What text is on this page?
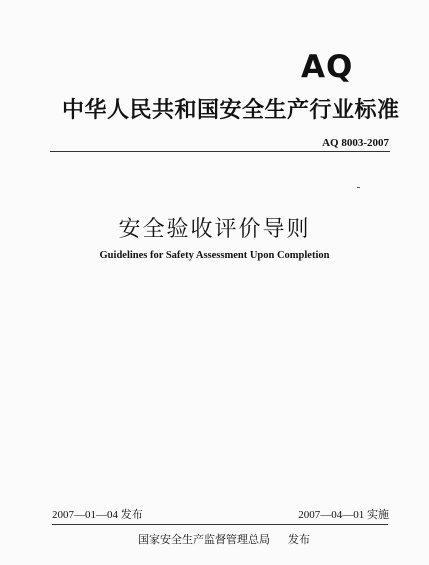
AQ
中华人民共和国安全生产行业标准
AQ 8003-2007
安全验收评价导则
Guidelines for Safety Assessment Upon Completion
2007—01—04 发布	2007—04—01 实施
国家安全生产监督管理总局 发布
